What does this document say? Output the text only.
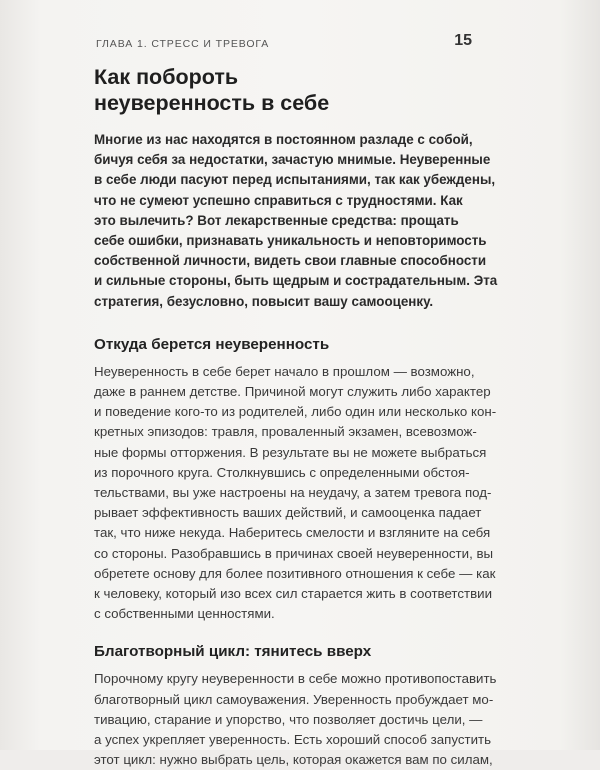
ГЛАВА 1. СТРЕСС И ТРЕВОГА	15
Как побороть
неуверенность в себе
Многие из нас находятся в постоянном разладе с собой,
бичуя себя за недостатки, зачастую мнимые. Неуверенные
в себе люди пасуют перед испытаниями, так как убеждены,
что не сумеют успешно справиться с трудностями. Как
это вылечить? Вот лекарственные средства: прощать
себе ошибки, признавать уникальность и неповторимость
собственной личности, видеть свои главные способности
и сильные стороны, быть щедрым и сострадательным. Эта
стратегия, безусловно, повысит вашу самооценку.
Откуда берется неуверенность
Неуверенность в себе берет начало в прошлом — возможно,
даже в раннем детстве. Причиной могут служить либо характер
и поведение кого-то из родителей, либо один или несколько кон-
кретных эпизодов: травля, проваленный экзамен, всевозмож-
ные формы отторжения. В результате вы не можете выбраться
из порочного круга. Столкнувшись с определенными обстоя-
тельствами, вы уже настроены на неудачу, а затем тревога под-
рывает эффективность ваших действий, и самооценка падает
так, что ниже некуда. Наберитесь смелости и взгляните на себя
со стороны. Разобравшись в причинах своей неуверенности, вы
обретете основу для более позитивного отношения к себе — как
к человеку, который изо всех сил старается жить в соответствии
с собственными ценностями.
Благотворный цикл: тянитесь вверх
Порочному кругу неуверенности в себе можно противопоставить
благотворный цикл самоуважения. Уверенность пробуждает мо-
тивацию, старание и упорство, что позволяет достичь цели, —
а успех укрепляет уверенность. Есть хороший способ запустить
этот цикл: нужно выбрать цель, которая окажется вам по силам,
